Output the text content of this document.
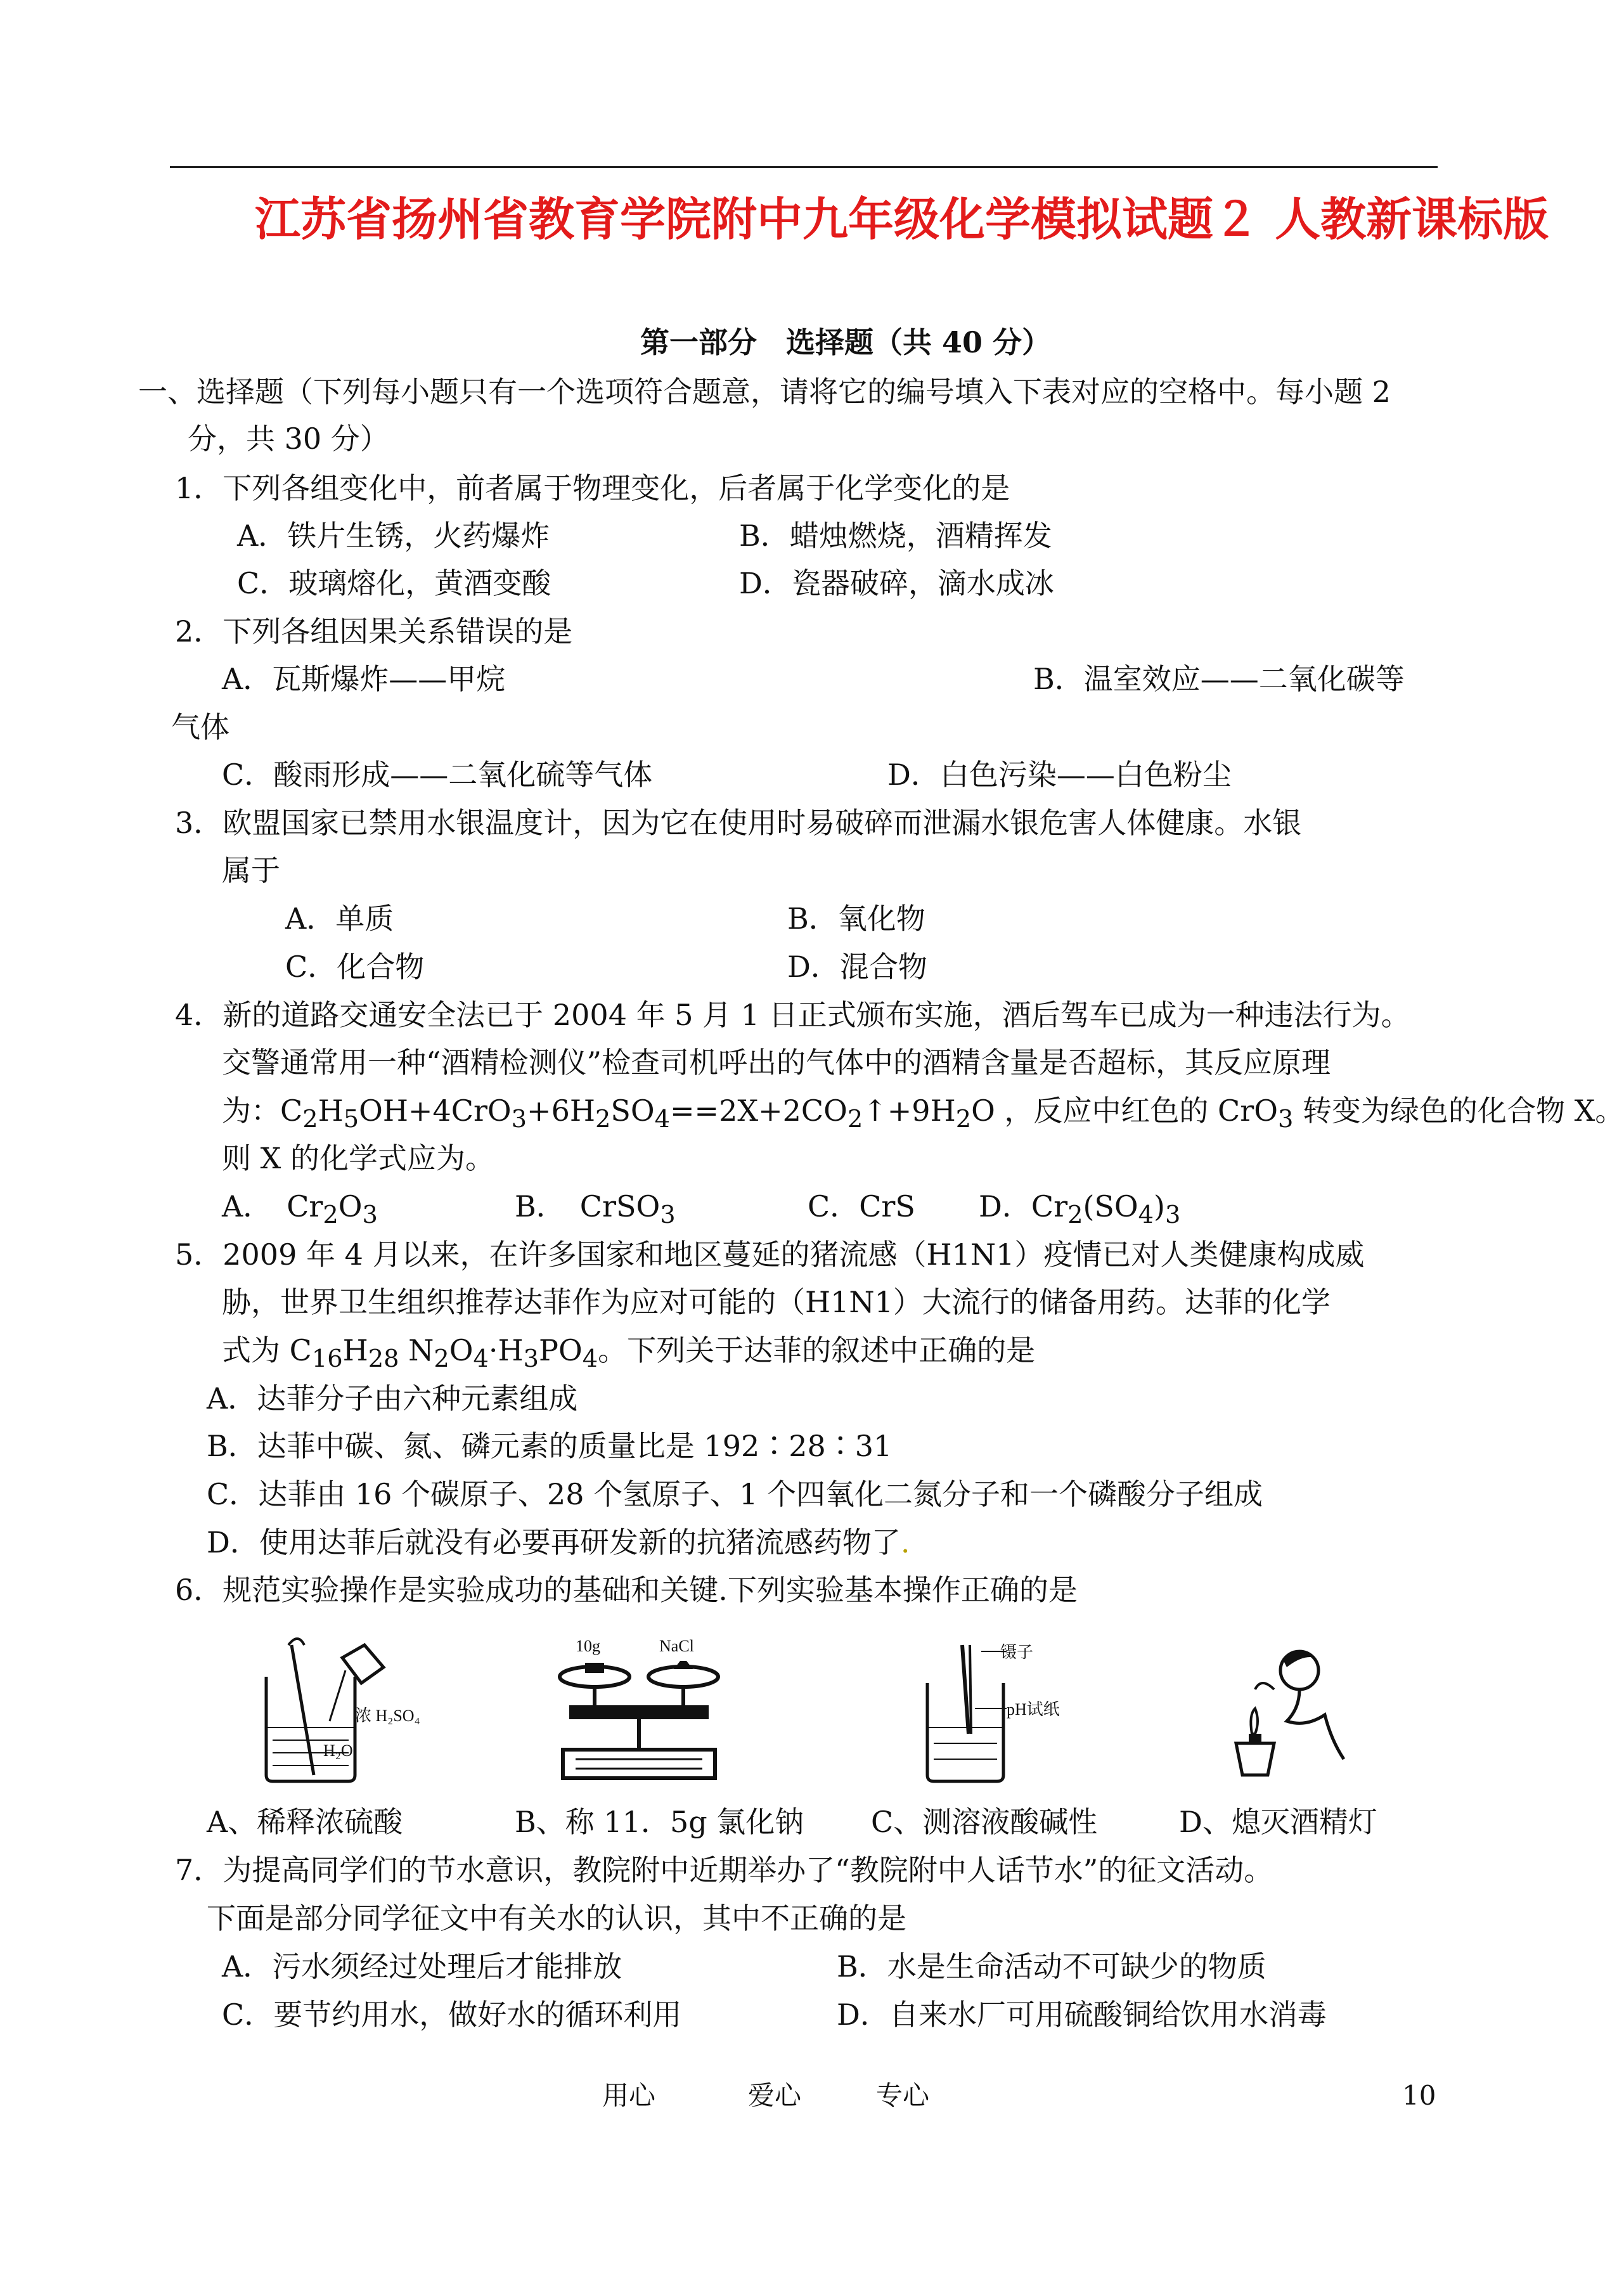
江苏省扬州省教育学院附中九年级化学模拟试题２ 人教新课标版
第一部分　选择题（共 40 分）
一、选择题（下列每小题只有一个选项符合题意，请将它的编号填入下表对应的空格中。每小题 2
分，共 30 分）
1．下列各组变化中，前者属于物理变化，后者属于化学变化的是
A．铁片生锈，火药爆炸	B．蜡烛燃烧，酒精挥发
C．玻璃熔化，黄酒变酸	D．瓷器破碎，滴水成冰
2．下列各组因果关系错误的是
A．瓦斯爆炸——甲烷	B．温室效应——二氧化碳等
气体
C．酸雨形成——二氧化硫等气体	D．白色污染——白色粉尘
3．欧盟国家已禁用水银温度计，因为它在使用时易破碎而泄漏水银危害人体健康。水银
属于
A．单质	B．氧化物
C．化合物	D．混合物
4．新的道路交通安全法已于 2004 年 5 月 1 日正式颁布实施，酒后驾车已成为一种违法行为。
交警通常用一种“酒精检测仪”检查司机呼出的气体中的酒精含量是否超标，其反应原理
为：$C_2H_5OH+4CrO_3+6H_2SO_4==2X+2CO_2↑+9H_2O$ ，反应中红色的 CrO$_3$ 转变为绿色的化合物 X。
则 X 的化学式应为。
A．　$Cr_2O_3$	B．　CrSO$_3$	C．CrS D．$Cr_2(SO_4)_3$
5．2009 年 4 月以来，在许多国家和地区蔓延的猪流感（H1N1）疫情已对人类健康构成威
胁，世界卫生组织推荐达菲作为应对可能的（H1N1）大流行的储备用药。达菲的化学
式为 $C_{16}H_{28}$ $N_2O_4\cdot H_3PO_4$。下列关于达菲的叙述中正确的是
A．达菲分子由六种元素组成
B．达菲中碳、氮、磷元素的质量比是 192∶28∶31
C．达菲由 16 个碳原子、28 个氢原子、1 个四氧化二氮分子和一个磷酸分子组成
D．使用达菲后就没有必要再研发新的抗猪流感药物了.
6．规范实验操作是实验成功的基础和关键.下列实验基本操作正确的是
浓 H₂SO₄
H₂O
10g	NaCl	镊子
pH试纸
A、稀释浓硫酸	B、称 11．5g 氯化钠 C、测溶液酸碱性	D、熄灭酒精灯
7．为提高同学们的节水意识，教院附中近期举办了“教院附中人话节水”的征文活动。
下面是部分同学征文中有关水的认识，其中不正确的是
A．污水须经过处理后才能排放	B．水是生命活动不可缺少的物质
C．要节约用水，做好水的循环利用	D．自来水厂可用硫酸铜给饮用水消毒
用心	爱心	专心	10
